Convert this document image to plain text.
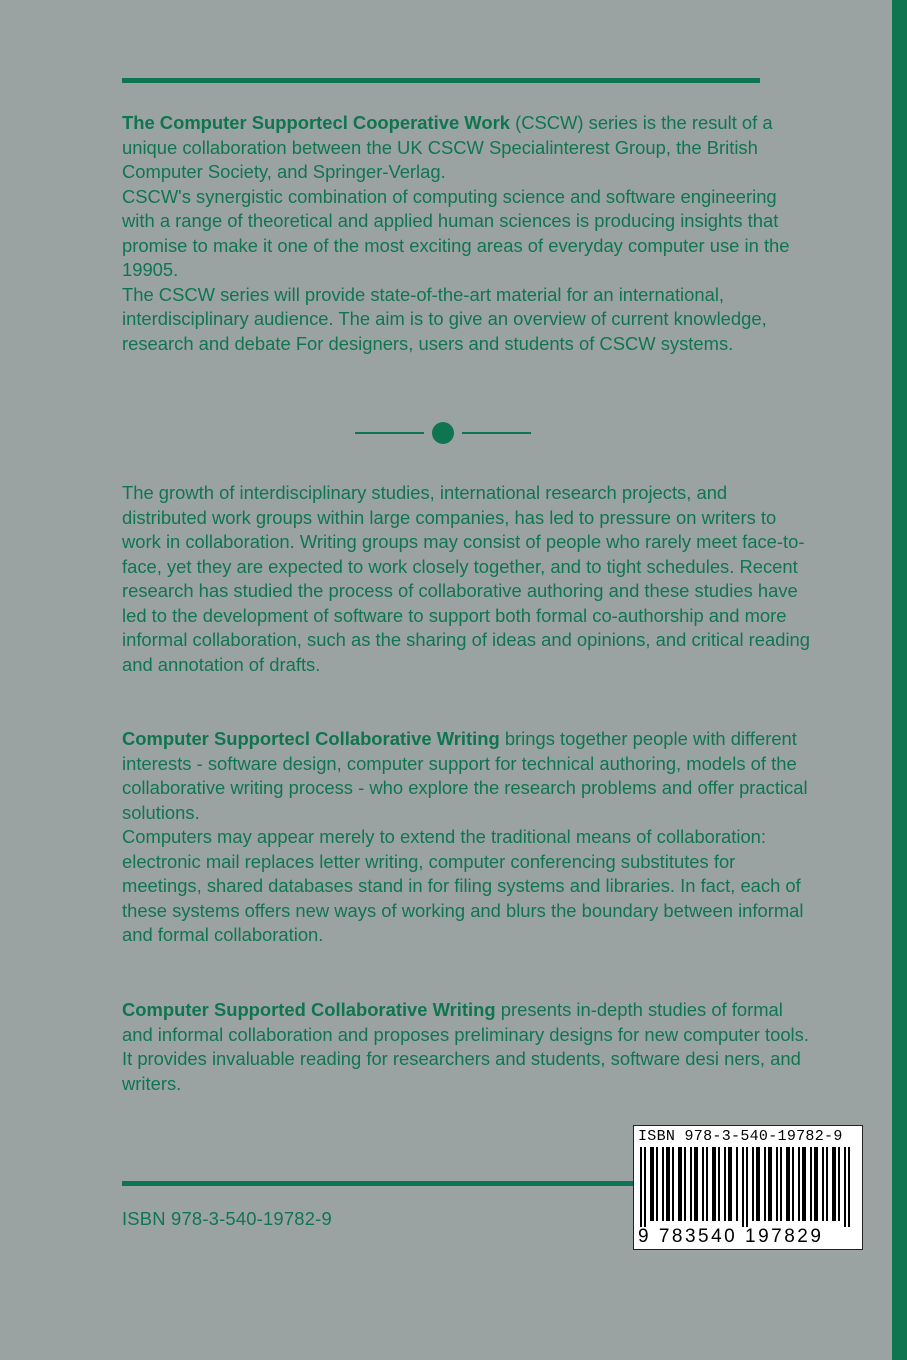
The Computer Supportecl Cooperative Work (CSCW) series is the result of a unique collaboration between the UK CSCW Specialinterest Group, the British Computer Society, and Springer-Verlag.
CSCW's synergistic combination of computing science and software engineering with a range of theoretical and applied human sciences is producing insights that promise to make it one of the most exciting areas of everyday computer use in the 19905.
The CSCW series will provide state-of-the-art material for an international, interdisciplinary audience. The aim is to give an overview of current knowledge, research and debate For designers, users and students of CSCW systems.

The growth of interdisciplinary studies, international research projects, and distributed work groups within large companies, has led to pressure on writers to work in collaboration. Writing groups may consist of people who rarely meet face-to-face, yet they are expected to work closely together, and to tight schedules. Recent research has studied the process of collaborative authoring and these studies have led to the development of software to support both formal co-authorship and more informal collaboration, such as the sharing of ideas and opinions, and critical reading and annotation of drafts.

Computer Supportecl Collaborative Writing brings together people with different interests - software design, computer support for technical authoring, models of the collaborative writing process - who explore the research problems and offer practical solutions.
Computers may appear merely to extend the traditional means of collaboration: electronic mail replaces letter writing, computer conferencing substitutes for meetings, shared databases stand in for filing systems and libraries. In fact, each of these systems offers new ways of working and blurs the boundary between informal and formal collaboration.

Computer Supported Collaborative Writing presents in-depth studies of formal and informal collaboration and proposes preliminary designs for new computer tools. It provides invaluable reading for researchers and students, software desi ners, and writers.

ISBN 978-3-540-19782-9
ISBN 978-3-540-19782-9
9 783540 197829
